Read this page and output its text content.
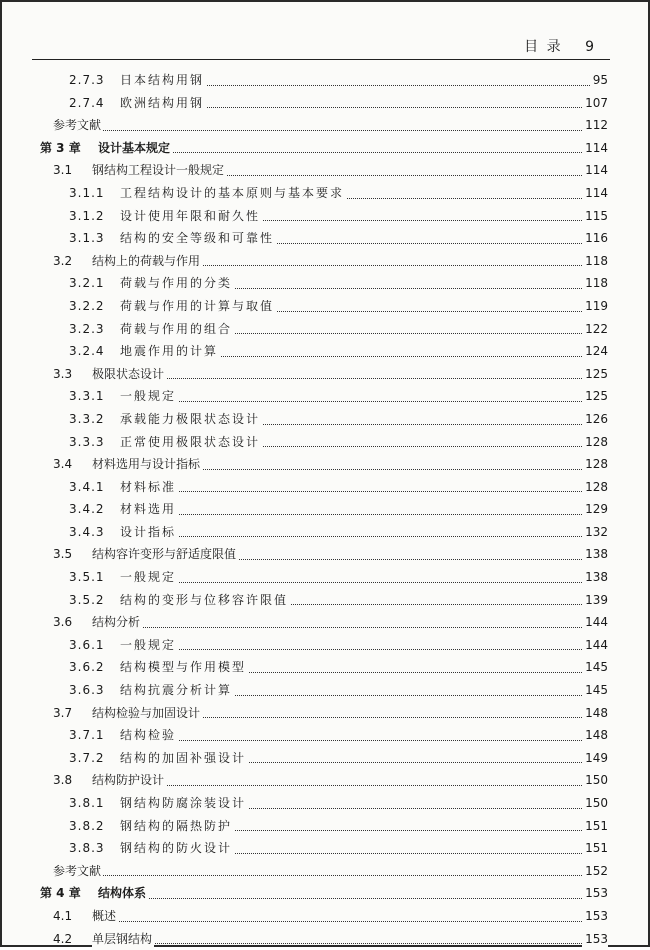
目 录 9
2.7.3 日本结构用钢	95
2.7.4 欧洲结构用钢	107
参考文献	112
第 3 章 设计基本规定	114
3.1 钢结构工程设计一般规定	114
3.1.1 工程结构设计的基本原则与基本要求	114
3.1.2 设计使用年限和耐久性	115
3.1.3 结构的安全等级和可靠性	116
3.2 结构上的荷载与作用	118
3.2.1 荷载与作用的分类	118
3.2.2 荷载与作用的计算与取值	119
3.2.3 荷载与作用的组合	122
3.2.4 地震作用的计算	124
3.3 极限状态设计	125
3.3.1 一般规定	125
3.3.2 承载能力极限状态设计	126
3.3.3 正常使用极限状态设计	128
3.4 材料选用与设计指标	128
3.4.1 材料标准	128
3.4.2 材料选用	129
3.4.3 设计指标	132
3.5 结构容许变形与舒适度限值	138
3.5.1 一般规定	138
3.5.2 结构的变形与位移容许限值	139
3.6 结构分析	144
3.6.1 一般规定	144
3.6.2 结构模型与作用模型	145
3.6.3 结构抗震分析计算	145
3.7 结构检验与加固设计	148
3.7.1 结构检验	148
3.7.2 结构的加固补强设计	149
3.8 结构防护设计	150
3.8.1 钢结构防腐涂装设计	150
3.8.2 钢结构的隔热防护	151
3.8.3 钢结构的防火设计	151
参考文献	152
第 4 章 结构体系	153
4.1 概述	153
4.2 单层钢结构	153
